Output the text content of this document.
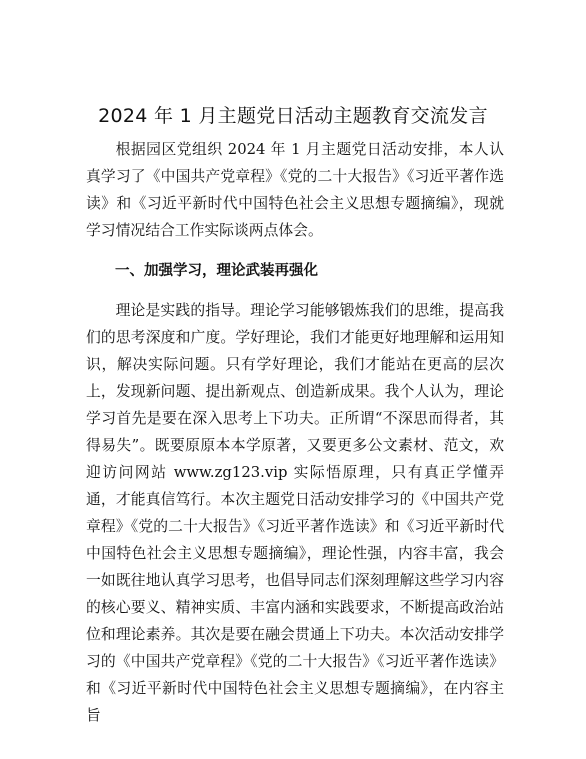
2024 年 1 月主题党日活动主题教育交流发言

根据园区党组织 2024 年 1 月主题党日活动安排，本人认真学习了《中国共产党章程》《党的二十大报告》《习近平著作选读》和《习近平新时代中国特色社会主义思想专题摘编》，现就学习情况结合工作实际谈两点体会。

一、加强学习，理论武装再强化

理论是实践的指导。理论学习能够锻炼我们的思维，提高我们的思考深度和广度。学好理论，我们才能更好地理解和运用知识，解决实际问题。只有学好理论，我们才能站在更高的层次上，发现新问题、提出新观点、创造新成果。我个人认为，理论学习首先是要在深入思考上下功夫。正所谓“不深思而得者，其得易失”。既要原原本本学原著，又要更多公文素材、范文，欢迎访问网站 www.zg123.vip 实际悟原理，只有真正学懂弄通，才能真信笃行。本次主题党日活动安排学习的《中国共产党章程》《党的二十大报告》《习近平著作选读》和《习近平新时代中国特色社会主义思想专题摘编》，理论性强，内容丰富，我会一如既往地认真学习思考，也倡导同志们深刻理解这些学习内容的核心要义、精神实质、丰富内涵和实践要求，不断提高政治站位和理论素养。其次是要在融会贯通上下功夫。本次活动安排学习的《中国共产党章程》《党的二十大报告》《习近平著作选读》和《习近平新时代中国特色社会主义思想专题摘编》，在内容主旨
